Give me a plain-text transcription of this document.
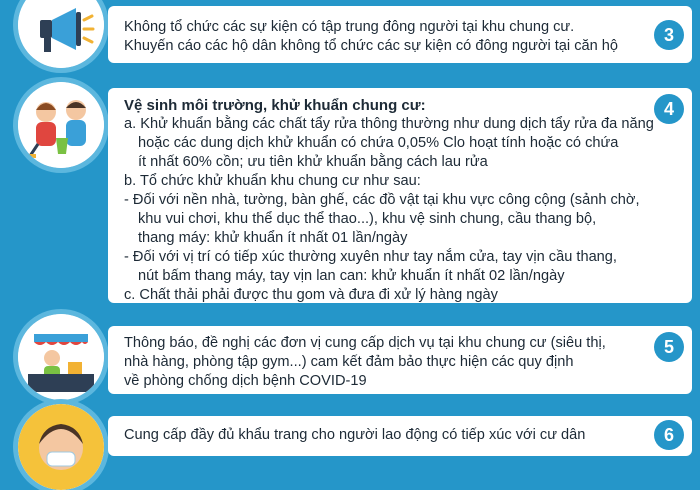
Không tổ chức các sự kiện có tập trung đông người tại khu chung cư.
Khuyến cáo các hộ dân không tổ chức các sự kiện có đông người tại căn hộ
3
Vệ sinh môi trường, khử khuẩn chung cư:
a. Khử khuẩn bằng các chất tẩy rửa thông thường như dung dịch tẩy rửa đa năng
hoặc các dung dịch khử khuẩn có chứa 0,05% Clo hoạt tính hoặc có chứa
ít nhất 60% cồn; ưu tiên khử khuẩn bằng cách lau rửa
b. Tổ chức khử khuẩn khu chung cư như sau:
- Đối với nền nhà, tường, bàn ghế, các đồ vật tại khu vực công cộng (sảnh chờ,
khu vui chơi, khu thể dục thể thao...), khu vệ sinh chung, cầu thang bộ,
thang máy: khử khuẩn ít nhất 01 lần/ngày
- Đối với vị trí có tiếp xúc thường xuyên như tay nắm cửa, tay vịn cầu thang,
nút bấm thang máy, tay vịn lan can: khử khuẩn ít nhất 02 lần/ngày
c. Chất thải phải được thu gom và đưa đi xử lý hàng ngày
4
Thông báo, đề nghị các đơn vị cung cấp dịch vụ tại khu chung cư (siêu thị,
nhà hàng, phòng tập gym...) cam kết đảm bảo thực hiện các quy định
về phòng chống dịch bệnh COVID-19
5
Cung cấp đầy đủ khẩu trang cho người lao động có tiếp xúc với cư dân	6
